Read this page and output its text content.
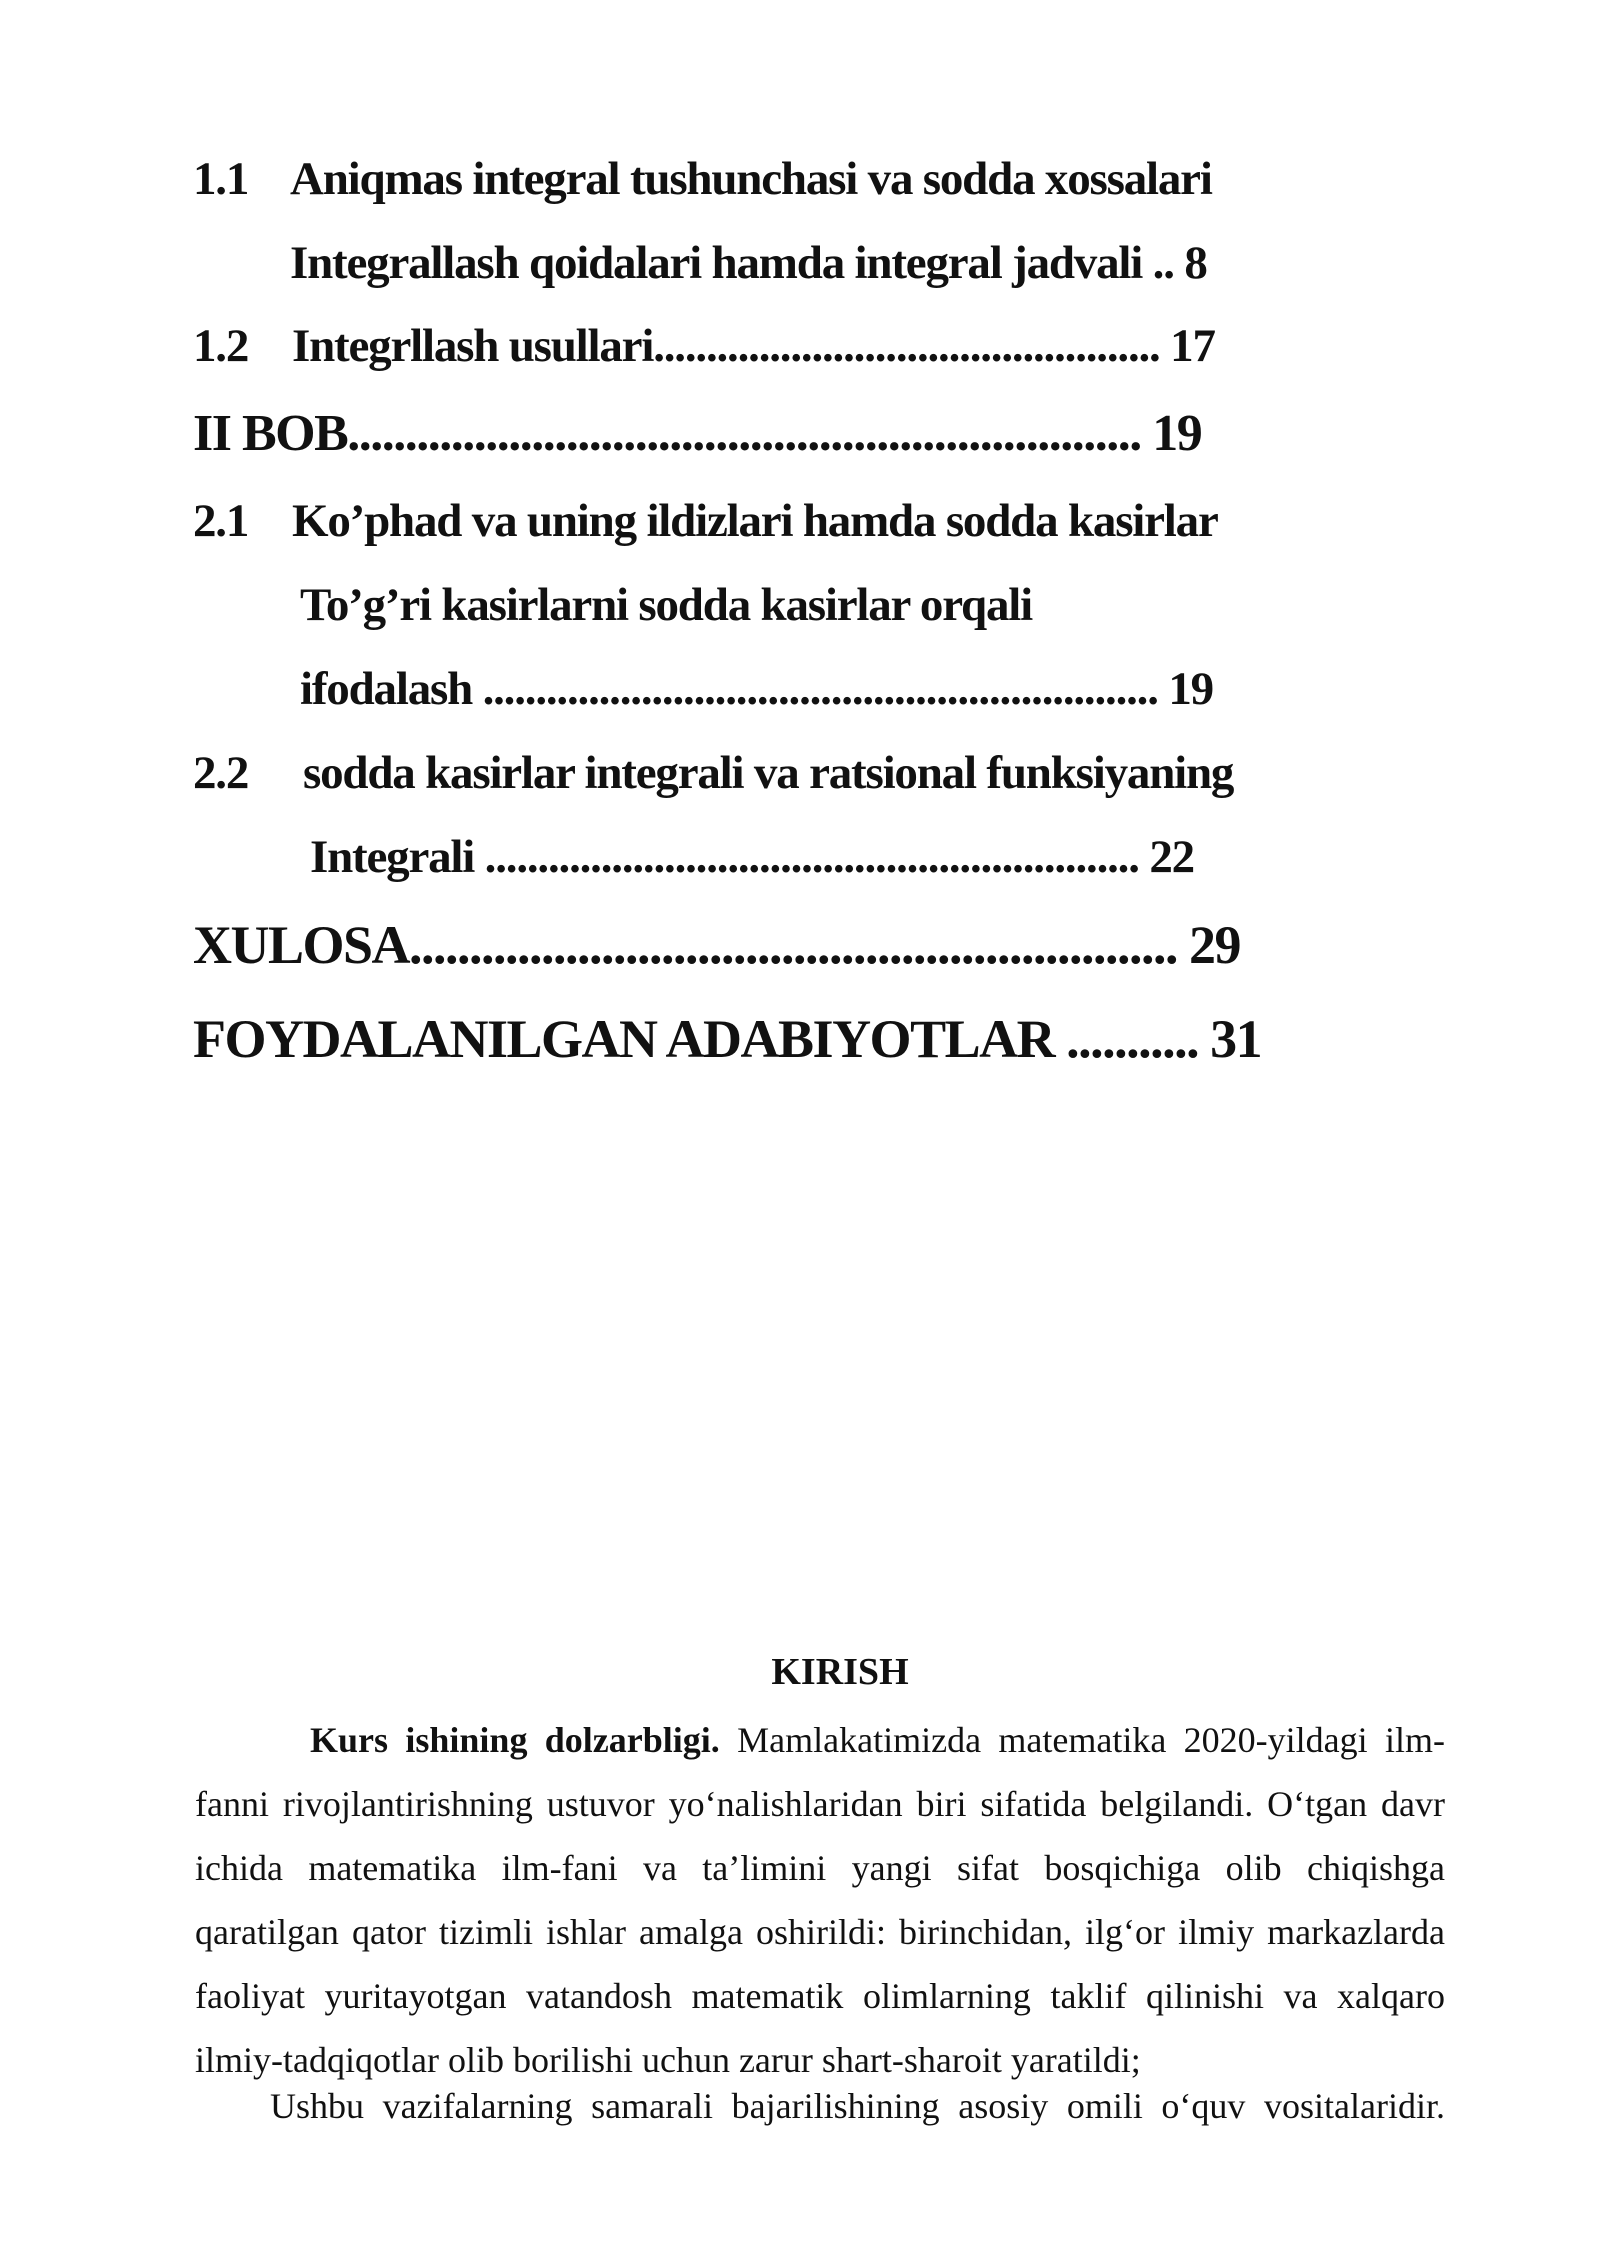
1.1 Aniqmas integral tushunchasi va sodda xossalari
Integrallash qoidalari hamda integral jadvali .. 8
1.2 Integrllash usullari................................................ 17
II BOB..................................................................... 19
2.1 Ko’phad va uning ildizlari hamda sodda kasirlar
To’g’ri kasirlarni sodda kasirlar orqali
ifodalash ................................................................ 19
2.2 sodda kasirlar integrali va ratsional funksiyaning
Integrali .............................................................. 22
XULOSA................................................................ 29
FOYDALANILGAN ADABIYOTLAR ........... 31
KIRISH

Kurs ishining dolzarbligi. Mamlakatimizda matematika 2020-yildagi ilm-fanni rivojlantirishning ustuvor yo‘nalishlaridan biri sifatida belgilandi. O‘tgan davr ichida matematika ilm-fani va ta’limini yangi sifat bosqichiga olib chiqishga qaratilgan qator tizimli ishlar amalga oshirildi: birinchidan, ilg‘or ilmiy markazlarda faoliyat yuritayotgan vatandosh matematik olimlarning taklif qilinishi va xalqaro ilmiy-tadqiqotlar olib borilishi uchun zarur shart-sharoit yaratildi;

Ushbu vazifalarning samarali bajarilishining asosiy omili o‘quv vositalaridir.
